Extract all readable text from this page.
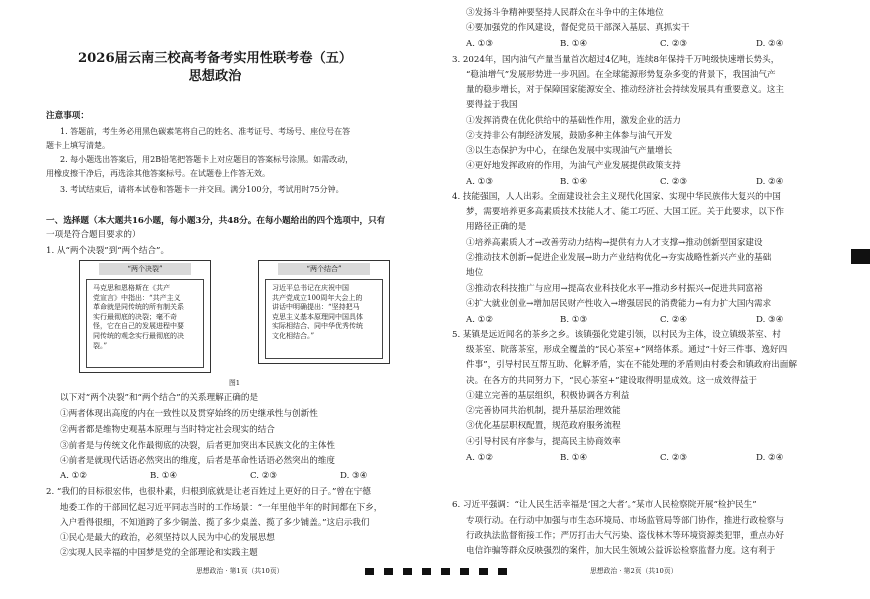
2026届云南三校高考备考实用性联考卷（五）
思想政治
注意事项：
1. 答题前，考生务必用黑色碳素笔将自己的姓名、准考证号、考场号、座位号在答
题卡上填写清楚。
2. 每小题选出答案后，用2B铅笔把答题卡上对应题目的答案标号涂黑。如需改动，
用橡皮擦干净后，再选涂其他答案标号。在试题卷上作答无效。
3. 考试结束后，请将本试卷和答题卡一并交回。满分100分，考试用时75分钟。
一、选择题（本大题共16小题，每小题3分，共48分。在每小题给出的四个选项中，只有
一项是符合题目要求的）
1. 从“两个决裂”到“两个结合”。
“两个决裂”
马克思和恩格斯在《共产
党宣言》中指出：“共产主义
革命就是同传统的所有制关系
实行最彻底的决裂；毫不奇
怪，它在自己的发展进程中要
同传统的观念实行最彻底的决
裂。”
“两个结合”
习近平总书记在庆祝中国
共产党成立100周年大会上的
讲话中明确提出：“坚持把马
克思主义基本原理同中国具体
实际相结合、同中华优秀传统
文化相结合。”
图1
以下对“两个决裂”和“两个结合”的关系理解正确的是
①两者体现出高度的内在一致性以及贯穿始终的历史继承性与创新性
②两者都是维物史观基本原理与当时特定社会现实的结合
③前者是与传统文化作最彻底的决裂，后者更加突出本民族文化的主体性
④前者是就现代话语必然突出的维度，后者是革命性话语必然突出的维度
A. ①②	B. ①④	C. ②③	D. ③④
2. “我们的目标很宏伟，也很朴素，归根到底就是让老百姓过上更好的日子。”曾在宁德
地委工作的干部回忆起习近平同志当时的工作场景：“一年里他半年的时间都在下乡，
入户看得很细，不知道跨了多少铜盖、揽了多少桌盖、揽了多少铺盖。”这启示我们
①民心是最大的政治，必须坚持以人民为中心的发展思想
②实现人民幸福的中国梦是党的全部理论和实践主题
思想政治 · 第1页（共10页）
③发扬斗争精神要坚持人民群众在斗争中的主体地位
④要加强党的作风建设，督促党员干部深入基层、真抓实干
A. ①③	B. ①④	C. ②③	D. ②④
3. 2024年，国内油气产量当量首次超过4亿吨，连续8年保持千万吨级快速增长势头，
“稳油增气”发展形势进一步巩固。在全球能源形势复杂多变的背景下，我国油气产
量的稳步增长，对于保障国家能源安全、推动经济社会持续发展具有重要意义。这主
要得益于我国
①发挥消费在优化供给中的基础性作用，激发企业的活力
②支持非公有制经济发展，鼓励多种主体参与油气开发
③以生态保护为中心，在绿色发展中实现油气产量增长
④更好地发挥政府的作用，为油气产业发展提供政策支持
A. ①③	B. ①④	C. ②③	D. ②④
4. 技能强国，人人出彩。全面建设社会主义现代化国家、实现中华民族伟大复兴的中国
梦，需要培养更多高素质技术技能人才、能工巧匠、大国工匠。关于此要求，以下作
用路径正确的是
①培养高素质人才→改善劳动力结构→提供有力人才支撑→推动创新型国家建设
②推动技术创新→促进企业发展→助力产业结构优化→夯实战略性新兴产业的基础
地位
③推动农科技推广与应用→提高农业科技化水平→推动乡村振兴→促进共同富裕
④扩大就业创业→增加居民财产性收入→增强居民的消费能力→有力扩大国内需求
A. ①②	B. ①③	C. ②④	D. ③④
5. 某镇是远近闻名的茶乡之乡。该镇强化党建引领，以村民为主体，设立镇级茶室、村
级茶室、院落茶室，形成全覆盖的“民心茶室+”网络体系。通过“十好三件事、逸好四
件事”，引导村民互帮互助、化解矛盾，实在不能处理的矛盾则由村委会和镇政府出面解
决。在各方的共同努力下，“民心茶室+”建设取得明显成效。这一成效得益于
①建立完善的基层组织，积极协调各方利益
②完善协同共治机制，提升基层治理效能
③优化基层职权配置，规范政府服务流程
④引导村民有序参与，提高民主协商效率
A. ①②	B. ①④	C. ②③	D. ②④
6. 习近平强调：“让人民生活幸福是‘国之大者’。”某市人民检察院开展“检护民生”
专项行动。在行动中加强与市生态环境局、市场监管局等部门协作，推进行政检察与
行政执法监督衔接工作；严厉打击大气污染、盗伐林木等环境资源类犯罪，重点办好
电信诈骗等群众反映强烈的案件，加大民生领域公益诉讼检察监督力度。这有利于
思想政治 · 第2页（共10页）
